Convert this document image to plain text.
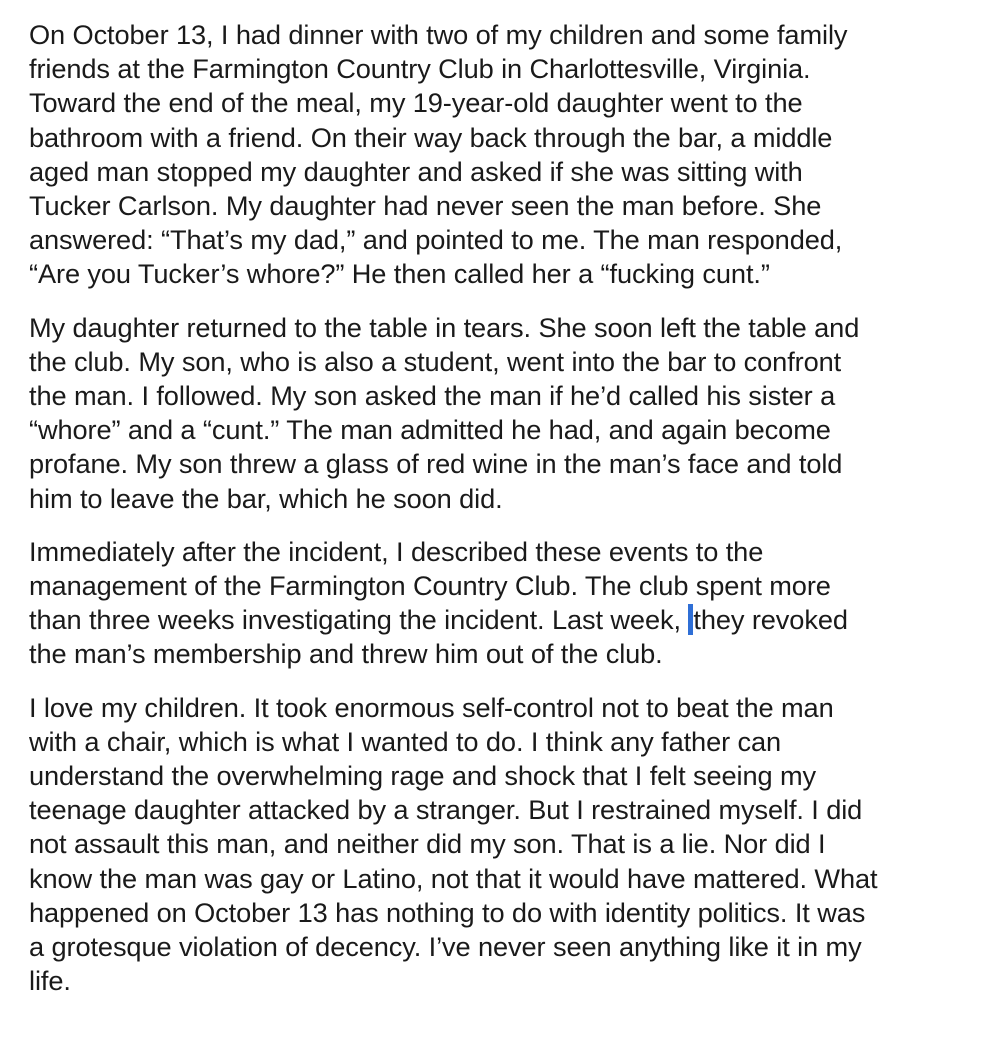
On October 13, I had dinner with two of my children and some family
friends at the Farmington Country Club in Charlottesville, Virginia.
Toward the end of the meal, my 19-year-old daughter went to the
bathroom with a friend. On their way back through the bar, a middle
aged man stopped my daughter and asked if she was sitting with
Tucker Carlson. My daughter had never seen the man before. She
answered: “That’s my dad,” and pointed to me. The man responded,
“Are you Tucker’s whore?” He then called her a “fucking cunt.”
My daughter returned to the table in tears. She soon left the table and
the club. My son, who is also a student, went into the bar to confront
the man. I followed. My son asked the man if he’d called his sister a
“whore” and a “cunt.” The man admitted he had, and again become
profane. My son threw a glass of red wine in the man’s face and told
him to leave the bar, which he soon did.
Immediately after the incident, I described these events to the
management of the Farmington Country Club. The club spent more
than three weeks investigating the incident. Last week, they revoked
the man’s membership and threw him out of the club.
I love my children. It took enormous self-control not to beat the man
with a chair, which is what I wanted to do. I think any father can
understand the overwhelming rage and shock that I felt seeing my
teenage daughter attacked by a stranger. But I restrained myself. I did
not assault this man, and neither did my son. That is a lie. Nor did I
know the man was gay or Latino, not that it would have mattered. What
happened on October 13 has nothing to do with identity politics. It was
a grotesque violation of decency. I’ve never seen anything like it in my
life.
